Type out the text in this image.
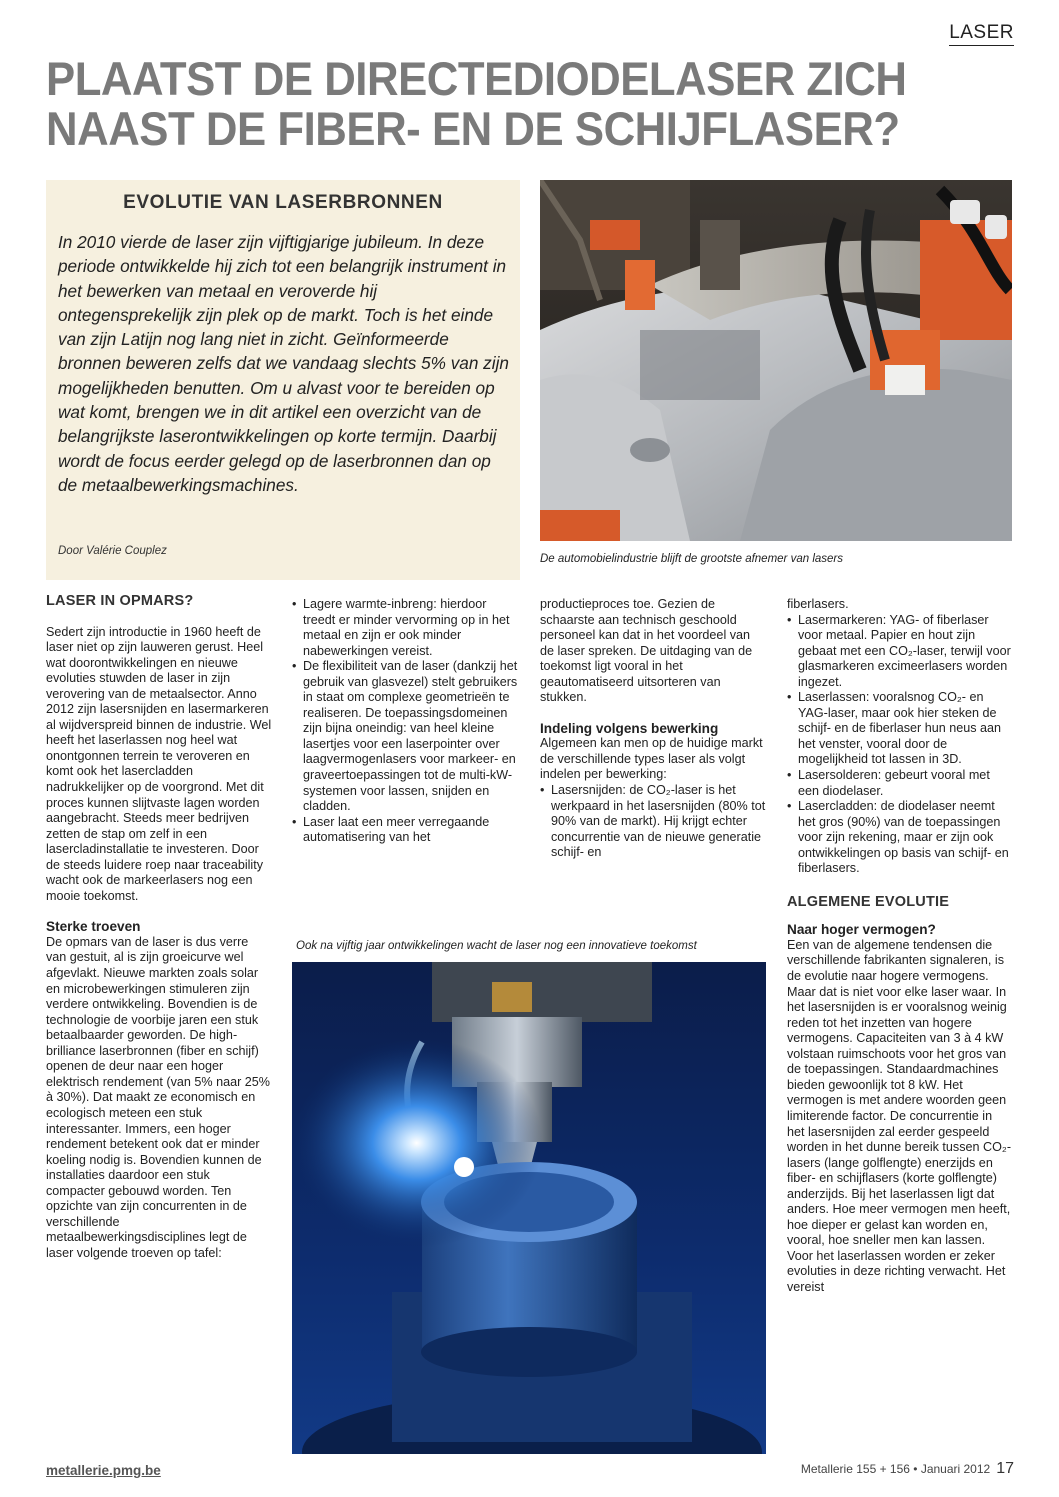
LASER
PLAATST DE DIRECTEDIODELASER ZICH
NAAST DE FIBER- EN DE SCHIJFLASER?
EVOLUTIE VAN LASERBRONNEN

In 2010 vierde de laser zijn vijftigjarige jubileum. In deze periode ontwikkelde hij zich tot een belangrijk instrument in het bewerken van metaal en veroverde hij ontegensprekelijk zijn plek op de markt. Toch is het einde van zijn Latijn nog lang niet in zicht. Geïnformeerde bronnen beweren zelfs dat we vandaag slechts 5% van zijn mogelijkheden benutten. Om u alvast voor te bereiden op wat komt, brengen we in dit artikel een overzicht van de belangrijkste laserontwikkelingen op korte termijn. Daarbij wordt de focus eerder gelegd op de laserbronnen dan op de metaalbewerkingsmachines.

Door Valérie Couplez
De automobielindustrie blijft de grootste afnemer van lasers
LASER IN OPMARS?

Sedert zijn introductie in 1960 heeft de laser niet op zijn lauweren gerust. Heel wat doorontwikkelingen en nieuwe evoluties stuwden de laser in zijn verovering van de metaalsector. Anno 2012 zijn lasersnijden en lasermarkeren al wijdverspreid binnen de industrie. Wel heeft het laserlassen nog heel wat onontgonnen terrein te veroveren en komt ook het lasercladden nadrukkelijker op de voorgrond. Met dit proces kunnen slijtvaste lagen worden aangebracht. Steeds meer bedrijven zetten de stap om zelf in een lasercladinstallatie te investeren. Door de steeds luidere roep naar traceability wacht ook de markeerlasers nog een mooie toekomst.

Sterke troeven

De opmars van de laser is dus verre van gestuit, al is zijn groeicurve wel afgevlakt. Nieuwe markten zoals solar en microbewerkingen stimuleren zijn verdere ontwikkeling. Bovendien is de technologie de voorbije jaren een stuk betaalbaarder geworden. De high-brilliance laserbronnen (fiber en schijf) openen de deur naar een hoger elektrisch rendement (van 5% naar 25% à 30%). Dat maakt ze economisch en ecologisch meteen een stuk interessanter. Immers, een hoger rendement betekent ook dat er minder koeling nodig is. Bovendien kunnen de installaties daardoor een stuk compacter gebouwd worden. Ten opzichte van zijn concurrenten in de verschillende metaalbewerkingsdisciplines legt de laser volgende troeven op tafel:

• Lagere warmte-inbreng: hierdoor treedt er minder vervorming op in het metaal en zijn er ook minder nabewerkingen vereist.
• De flexibiliteit van de laser (dankzij het gebruik van glasvezel) stelt gebruikers in staat om complexe geometrieën te realiseren. De toepassingsdomeinen zijn bijna oneindig: van heel kleine lasertjes voor een laserpointer over laagvermogenlasers voor markeer- en graveertoepassingen tot de multi-kW-systemen voor lassen, snijden en cladden.
• Laser laat een meer verregaande automatisering van het

productieproces toe. Gezien de schaarste aan technisch geschoold personeel kan dat in het voordeel van de laser spreken. De uitdaging van de toekomst ligt vooral in het geautomatiseerd uitsorteren van stukken.

Indeling volgens bewerking

Algemeen kan men op de huidige markt de verschillende types laser als volgt indelen per bewerking:

• Lasersnijden: de CO₂-laser is het werkpaard in het lasersnijden (80% tot 90% van de markt). Hij krijgt echter concurrentie van de nieuwe generatie schijf- en

fiberlasers.

• Lasermarkeren: YAG- of fiberlaser voor metaal. Papier en hout zijn gebaat met een CO₂-laser, terwijl voor glasmarkeren excimeerlasers worden ingezet.
• Laserlassen: vooralsnog CO₂- en YAG-laser, maar ook hier steken de schijf- en de fiberlaser hun neus aan het venster, vooral door de mogelijkheid tot lassen in 3D.
• Lasersolderen: gebeurt vooral met een diodelaser.
• Lasercladden: de diodelaser neemt het gros (90%) van de toepassingen voor zijn rekening, maar er zijn ook ontwikkelingen op basis van schijf- en fiberlasers.
ALGEMENE EVOLUTIE
Naar hoger vermogen?

Een van de algemene tendensen die verschillende fabrikanten signaleren, is de evolutie naar hogere vermogens. Maar dat is niet voor elke laser waar. In het lasersnijden is er vooralsnog weinig reden tot het inzetten van hogere vermogens. Capaciteiten van 3 à 4 kW volstaan ruimschoots voor het gros van de toepassingen. Standaardmachines bieden gewoonlijk tot 8 kW. Het vermogen is met andere woorden geen limiterende factor. De concurrentie in het lasersnijden zal eerder gespeeld worden in het dunne bereik tussen CO₂-lasers (lange golflengte) enerzijds en fiber- en schijflasers (korte golflengte) anderzijds. Bij het laserlassen ligt dat anders. Hoe meer vermogen men heeft, hoe dieper er gelast kan worden en, vooral, hoe sneller men kan lassen. Voor het laserlassen worden er zeker evoluties in deze richting verwacht. Het vereist

Ook na vijftig jaar ontwikkelingen wacht de laser nog een innovatieve toekomst
metallerie.pmg.be	Metallerie 155 + 156 • Januari 2012 17
